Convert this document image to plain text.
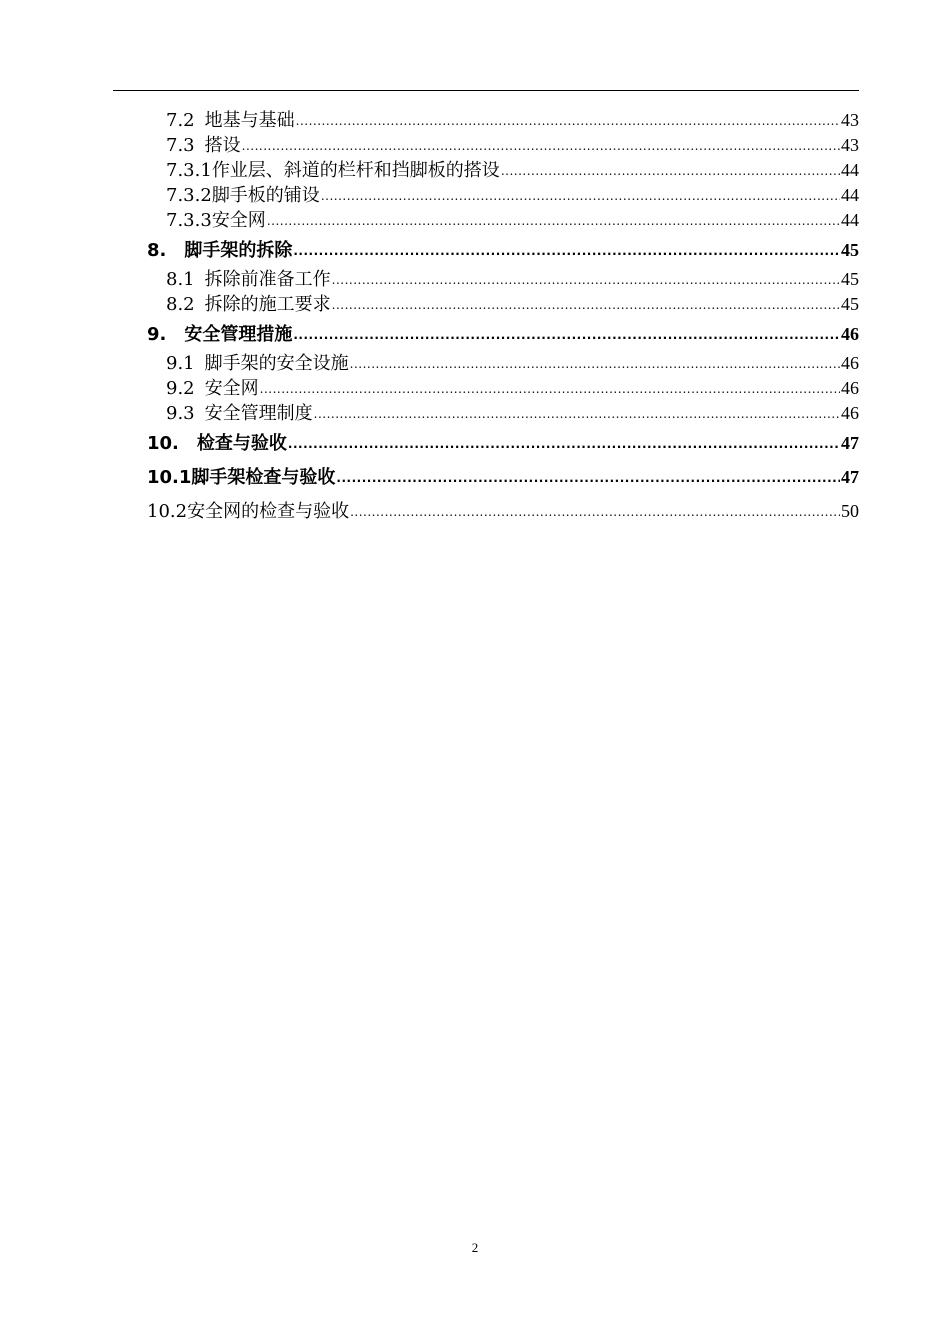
7.2 地基与基础 .....	43
7.3 搭设 .....	43
7.3.1 作业层、斜道的栏杆和挡脚板的搭设 .....	44
7.3.2 脚手板的铺设 .....	44
7.3.3 安全网 .....	44
8. 脚手架的拆除 .....	45
8.1 拆除前准备工作 .....	45
8.2 拆除的施工要求 .....	45
9. 安全管理措施 .....	46
9.1 脚手架的安全设施 .....	46
9.2 安全网 .....	46
9.3 安全管理制度 .....	46
10. 检查与验收 .....	47
10.1 脚手架检查与验收 .....	47
10.2 安全网的检查与验收 .....	50
2
